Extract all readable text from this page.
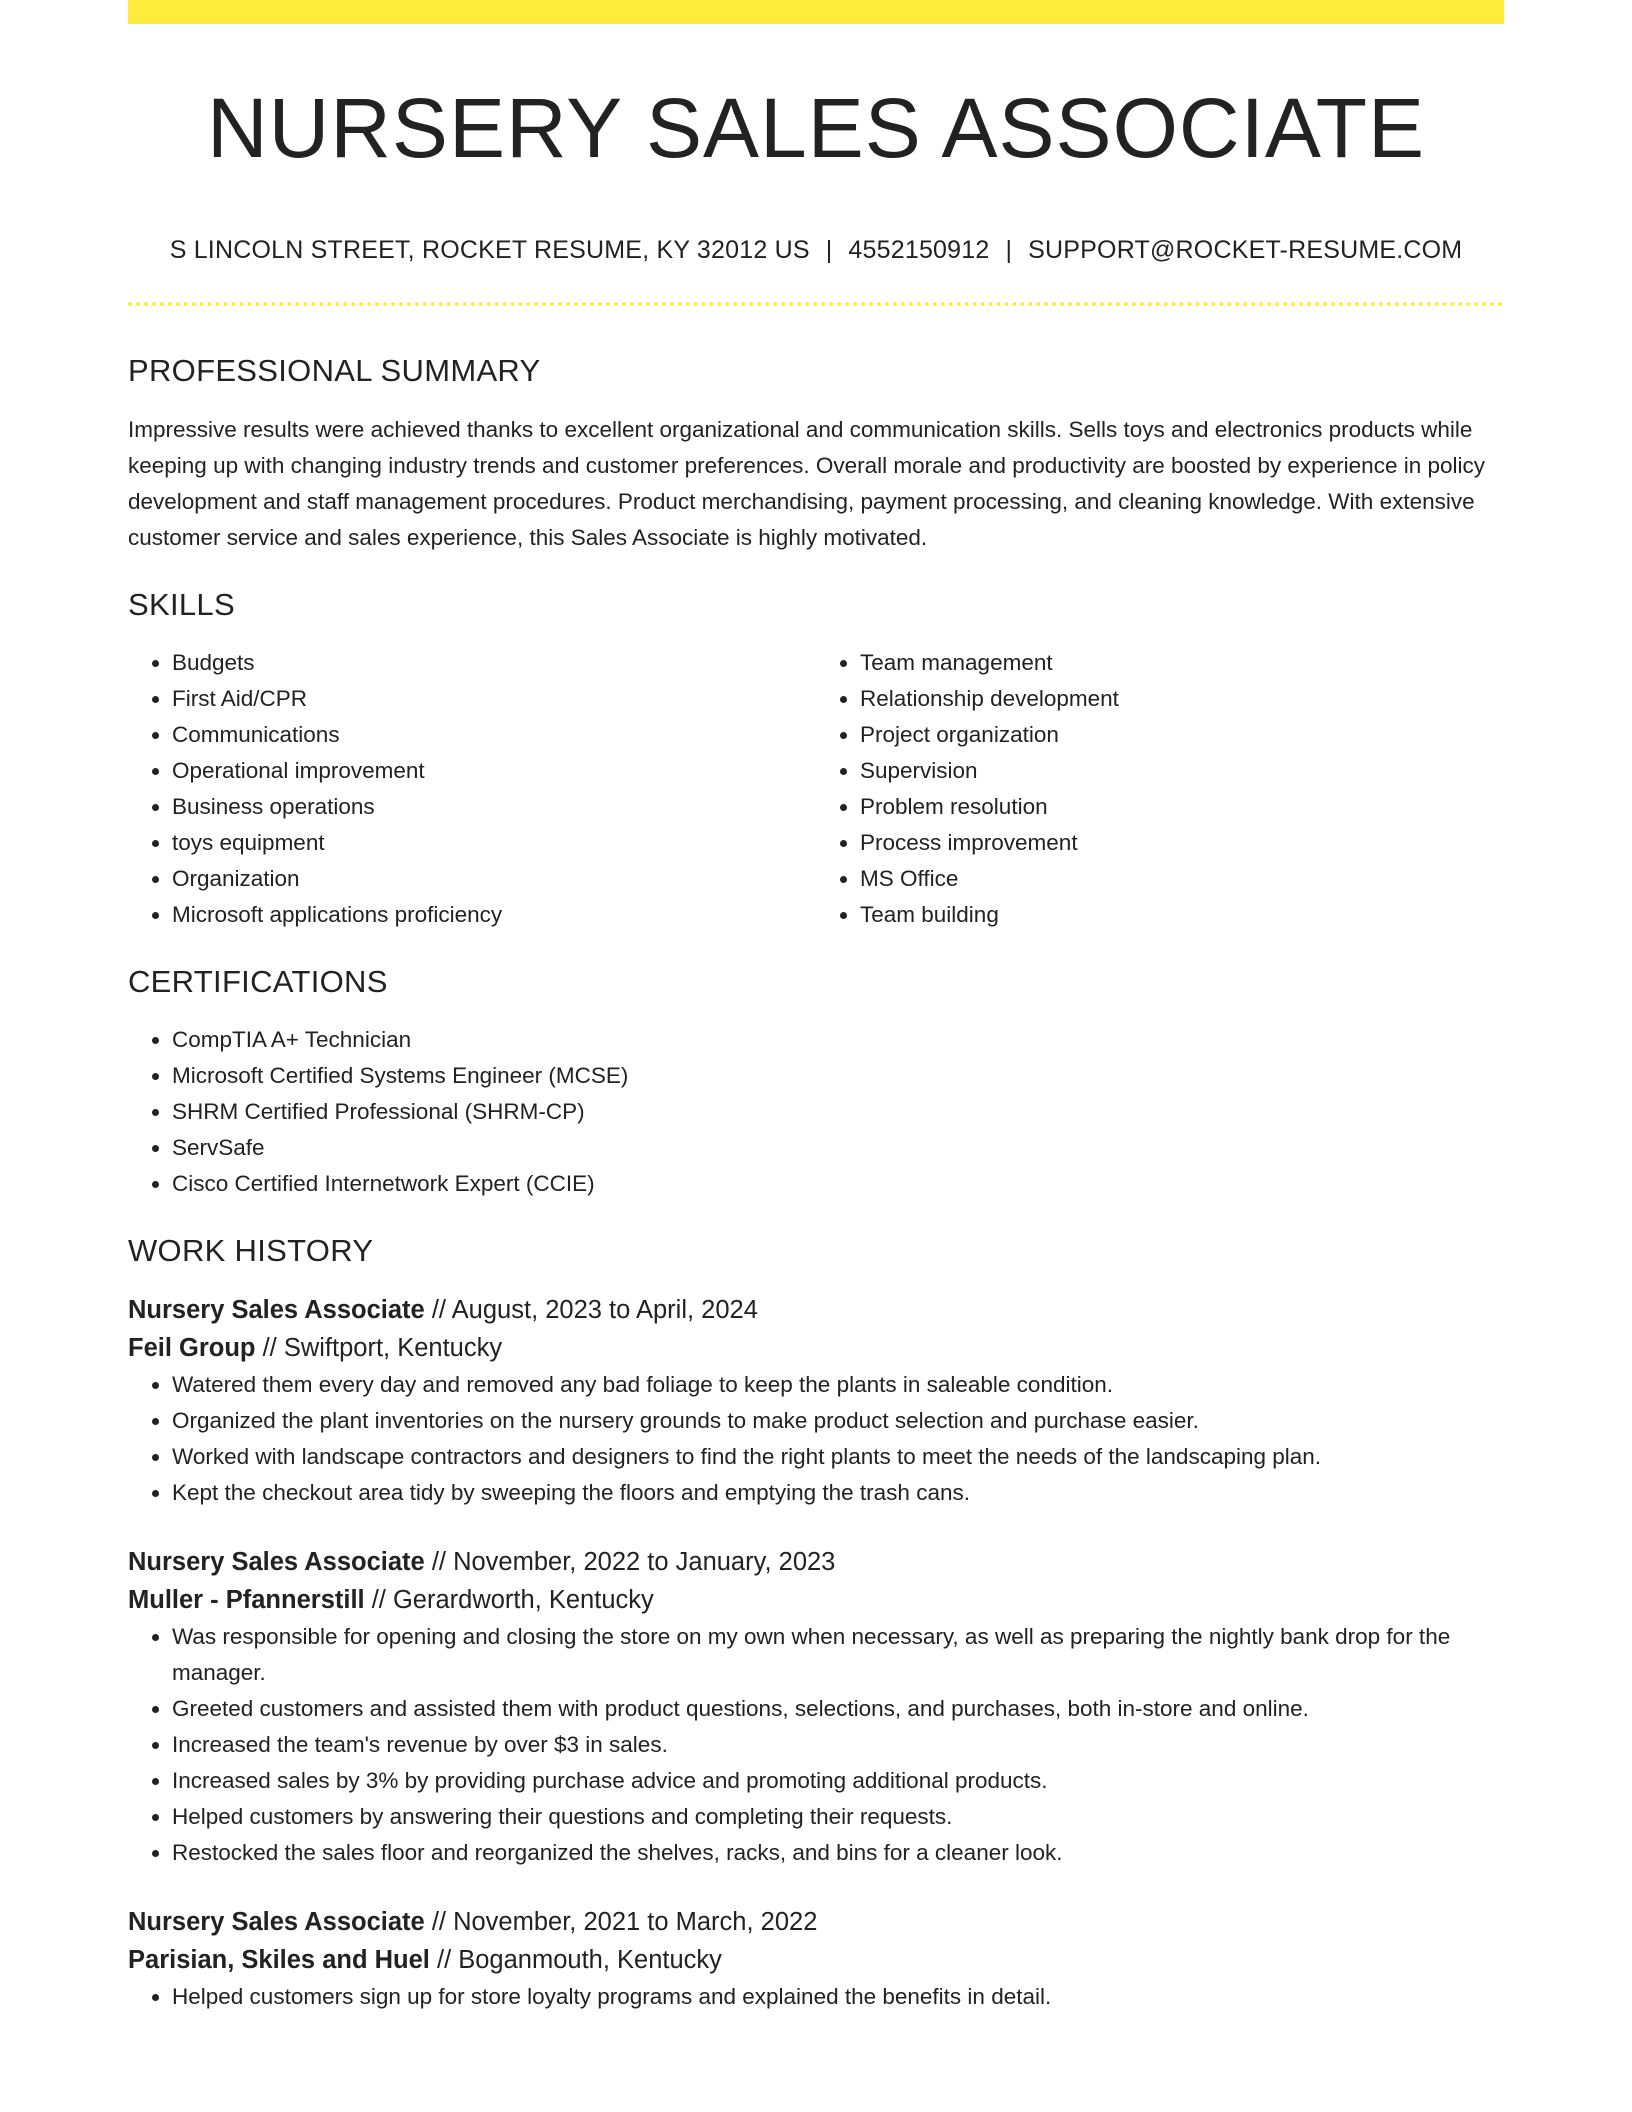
NURSERY SALES ASSOCIATE
S LINCOLN STREET, ROCKET RESUME, KY 32012 US | 4552150912 | SUPPORT@ROCKET-RESUME.COM
PROFESSIONAL SUMMARY
Impressive results were achieved thanks to excellent organizational and communication skills. Sells toys and electronics products while keeping up with changing industry trends and customer preferences. Overall morale and productivity are boosted by experience in policy development and staff management procedures. Product merchandising, payment processing, and cleaning knowledge. With extensive customer service and sales experience, this Sales Associate is highly motivated.
SKILLS
• Budgets
• First Aid/CPR
• Communications
• Operational improvement
• Business operations
• toys equipment
• Organization
• Microsoft applications proficiency
• Team management
• Relationship development
• Project organization
• Supervision
• Problem resolution
• Process improvement
• MS Office
• Team building
CERTIFICATIONS
• CompTIA A+ Technician
• Microsoft Certified Systems Engineer (MCSE)
• SHRM Certified Professional (SHRM-CP)
• ServSafe
• Cisco Certified Internetwork Expert (CCIE)
WORK HISTORY
Nursery Sales Associate // August, 2023 to April, 2024
Feil Group // Swiftport, Kentucky
• Watered them every day and removed any bad foliage to keep the plants in saleable condition.
• Organized the plant inventories on the nursery grounds to make product selection and purchase easier.
• Worked with landscape contractors and designers to find the right plants to meet the needs of the landscaping plan.
• Kept the checkout area tidy by sweeping the floors and emptying the trash cans.
Nursery Sales Associate // November, 2022 to January, 2023
Muller - Pfannerstill // Gerardworth, Kentucky
• Was responsible for opening and closing the store on my own when necessary, as well as preparing the nightly bank drop for the manager.
• Greeted customers and assisted them with product questions, selections, and purchases, both in-store and online.
• Increased the team's revenue by over $3 in sales.
• Increased sales by 3% by providing purchase advice and promoting additional products.
• Helped customers by answering their questions and completing their requests.
• Restocked the sales floor and reorganized the shelves, racks, and bins for a cleaner look.
Nursery Sales Associate // November, 2021 to March, 2022
Parisian, Skiles and Huel // Boganmouth, Kentucky
• Helped customers sign up for store loyalty programs and explained the benefits in detail.
